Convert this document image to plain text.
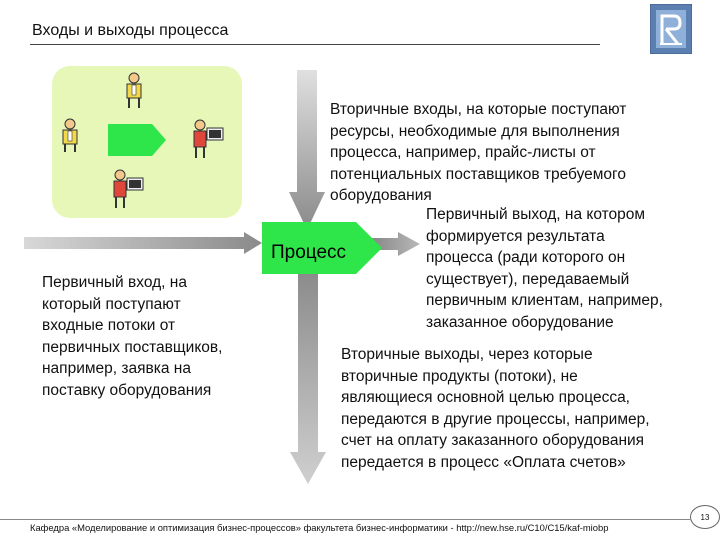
Входы и выходы процесса
Процесс
Вторичные входы, на которые поступают ресурсы, необходимые для выполнения процесса, например, прайс-листы от потенциальных поставщиков требуемого оборудования
Первичный выход, на котором формируется результата процесса (ради которого он существует), передаваемый первичным клиентам, например, заказанное оборудование
Первичный вход, на который поступают входные потоки от первичных поставщиков, например, заявка на поставку оборудования
Вторичные выходы, через которые вторичные продукты (потоки), не являющиеся основной целью процесса, передаются в другие процессы, например, счет на оплату заказанного оборудования передается в процесс «Оплата счетов»
Кафедра «Моделирование и оптимизация бизнес-процессов» факультета бизнес-информатики - http://new.hse.ru/C10/C15/kaf-miobp
13
